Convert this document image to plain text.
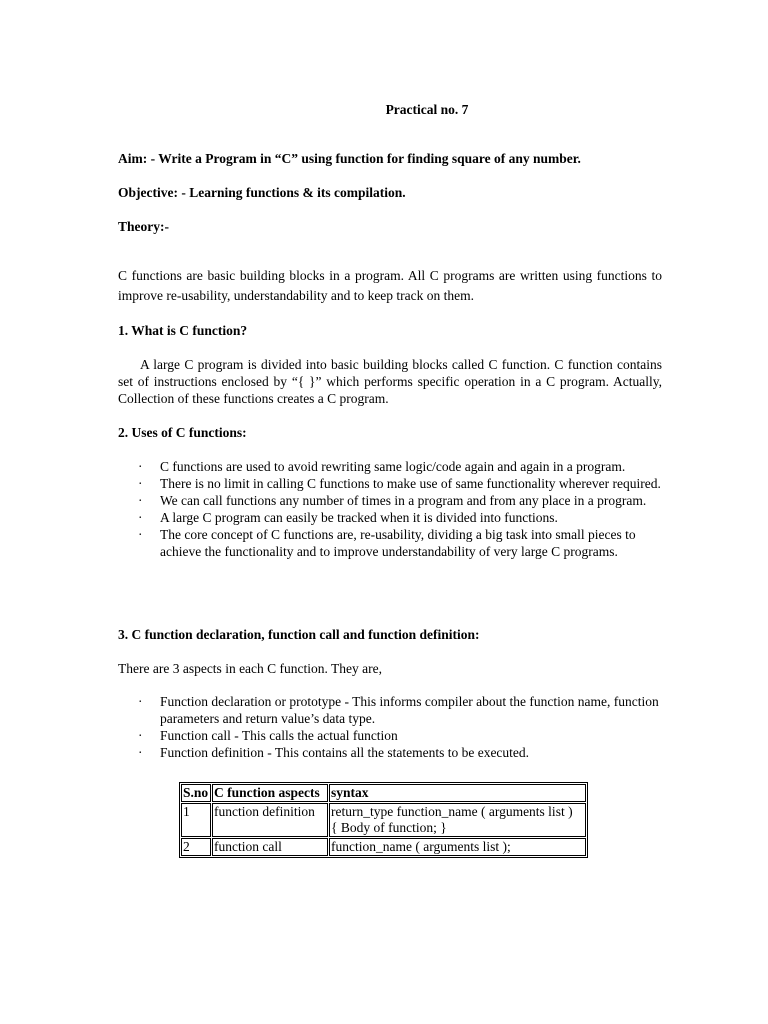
Practical no. 7

Aim: - Write a Program in “C” using function for finding square of any number.

Objective: - Learning functions & its compilation.

Theory:-

C functions are basic building blocks in a program. All C programs are written using functions to improve re-usability, understandability and to keep track on them.

1. What is C function?

A large C program is divided into basic building blocks called C function. C function contains set of instructions enclosed by “{ }” which performs specific operation in a C program. Actually, Collection of these functions creates a C program.

2. Uses of C functions:

· C functions are used to avoid rewriting same logic/code again and again in a program.
· There is no limit in calling C functions to make use of same functionality wherever required.
· We can call functions any number of times in a program and from any place in a program.
· A large C program can easily be tracked when it is divided into functions.
· The core concept of C functions are, re-usability, dividing a big task into small pieces to achieve the functionality and to improve understandability of very large C programs.

3. C function declaration, function call and function definition:

There are 3 aspects in each C function. They are,

· Function declaration or prototype - This informs compiler about the function name, function parameters and return value’s data type.
· Function call - This calls the actual function
· Function definition - This contains all the statements to be executed.
S.no	C function aspects	syntax
1	function definition	return_type function_name ( arguments list )
{ Body of function; }

2	function call	function_name ( arguments list );
